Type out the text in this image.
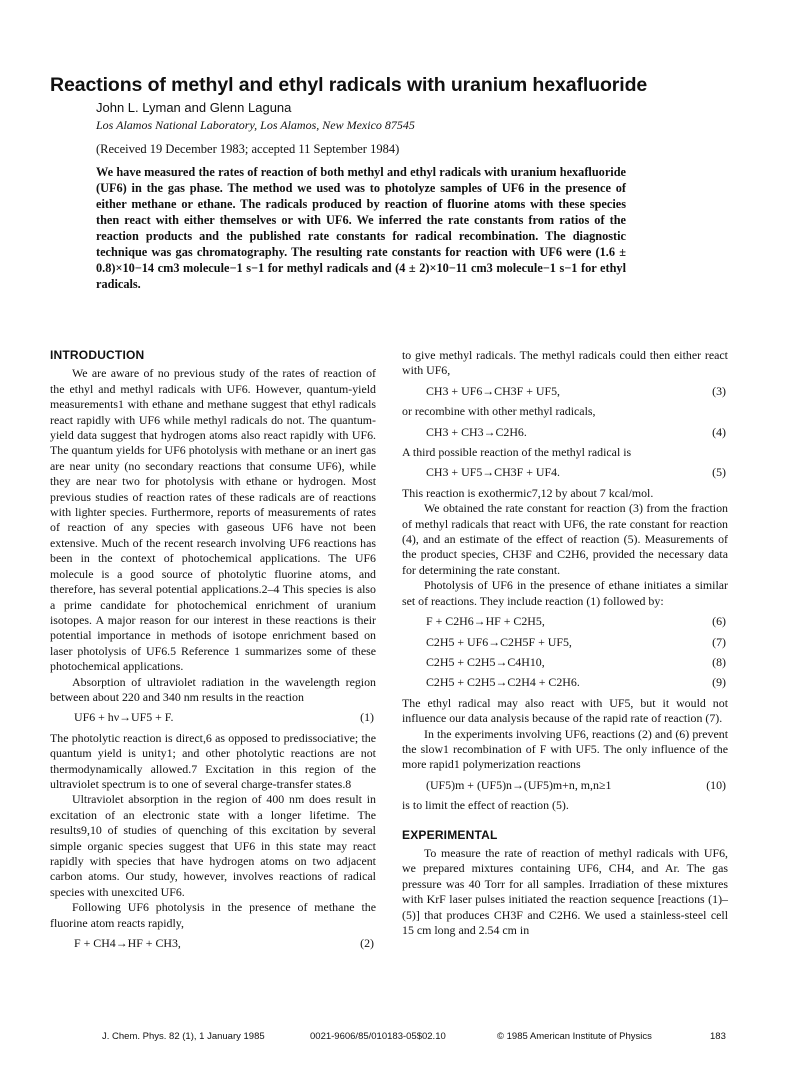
Reactions of methyl and ethyl radicals with uranium hexafluoride
John L. Lyman and Glenn Laguna
Los Alamos National Laboratory, Los Alamos, New Mexico 87545
(Received 19 December 1983; accepted 11 September 1984)
We have measured the rates of reaction of both methyl and ethyl radicals with uranium hexafluoride (UF6) in the gas phase. The method we used was to photolyze samples of UF6 in the presence of either methane or ethane. The radicals produced by reaction of fluorine atoms with these species then react with either themselves or with UF6. We inferred the rate constants from ratios of the reaction products and the published rate constants for radical recombination. The diagnostic technique was gas chromatography. The resulting rate constants for reaction with UF6 were (1.6 ± 0.8)×10−14 cm3 molecule−1 s−1 for methyl radicals and (4 ± 2)×10−11 cm3 molecule−1 s−1 for ethyl radicals.
INTRODUCTION

We are aware of no previous study of the rates of reaction of the ethyl and methyl radicals with UF6. However, quantum-yield measurements1 with ethane and methane suggest that ethyl radicals react rapidly with UF6 while methyl radicals do not. The quantum-yield data suggest that hydrogen atoms also react rapidly with UF6. The quantum yields for UF6 photolysis with methane or an inert gas are near unity (no secondary reactions that consume UF6), while they are near two for photolysis with ethane or hydrogen. Most previous studies of reaction rates of these radicals are of reactions with lighter species. Furthermore, reports of measurements of rates of reaction of any species with gaseous UF6 have not been extensive. Much of the recent research involving UF6 reactions has been in the context of photochemical applications. The UF6 molecule is a good source of photolytic fluorine atoms, and therefore, has several potential applications.2–4 This species is also a prime candidate for photochemical enrichment of uranium isotopes. A major reason for our interest in these reactions is their potential importance in methods of isotope enrichment based on laser photolysis of UF6.5 Reference 1 summarizes some of these photochemical applications.

Absorption of ultraviolet radiation in the wavelength region between about 220 and 340 nm results in the reaction

UF6 + hν→UF5 + F.	(1)

The photolytic reaction is direct,6 as opposed to predissociative; the quantum yield is unity1; and other photolytic reactions are not thermodynamically allowed.7 Excitation in this region of the ultraviolet spectrum is to one of several charge-transfer states.8

Ultraviolet absorption in the region of 400 nm does result in excitation of an electronic state with a longer lifetime. The results9,10 of studies of quenching of this excitation by several simple organic species suggest that UF6 in this state may react rapidly with species that have hydrogen atoms on two adjacent carbon atoms. Our study, however, involves reactions of radical species with unexcited UF6.

Following UF6 photolysis in the presence of methane the fluorine atom reacts rapidly,

F + CH4→HF + CH3,	(2)

to give methyl radicals. The methyl radicals could then either react with UF6,

CH3 + UF6→CH3F + UF5,	(3)

or recombine with other methyl radicals,

CH3 + CH3→C2H6.	(4)

A third possible reaction of the methyl radical is

CH3 + UF5→CH3F + UF4.	(5)

This reaction is exothermic7,12 by about 7 kcal/mol.

We obtained the rate constant for reaction (3) from the fraction of methyl radicals that react with UF6, the rate constant for reaction (4), and an estimate of the effect of reaction (5). Measurements of the product species, CH3F and C2H6, provided the necessary data for determining the rate constant.

Photolysis of UF6 in the presence of ethane initiates a similar set of reactions. They include reaction (1) followed by:

F + C2H6→HF + C2H5,	(6)
C2H5 + UF6→C2H5F + UF5,	(7)
C2H5 + C2H5→C4H10,	(8)
C2H5 + C2H5→C2H4 + C2H6.	(9)

The ethyl radical may also react with UF5, but it would not influence our data analysis because of the rapid rate of reaction (7).

In the experiments involving UF6, reactions (2) and (6) prevent the slow1 recombination of F with UF5. The only influence of the more rapid1 polymerization reactions

(UF5)m + (UF5)n→(UF5)m+n, m,n≥1	(10)

is to limit the effect of reaction (5).

EXPERIMENTAL

To measure the rate of reaction of methyl radicals with UF6, we prepared mixtures containing UF6, CH4, and Ar. The gas pressure was 40 Torr for all samples. Irradiation of these mixtures with KrF laser pulses initiated the reaction sequence [reactions (1)–(5)] that produces CH3F and C2H6. We used a stainless-steel cell 15 cm long and 2.54 cm in

J. Chem. Phys. 82 (1), 1 January 1985	0021-9606/85/010183-05$02.10	© 1985 American Institute of Physics	183
